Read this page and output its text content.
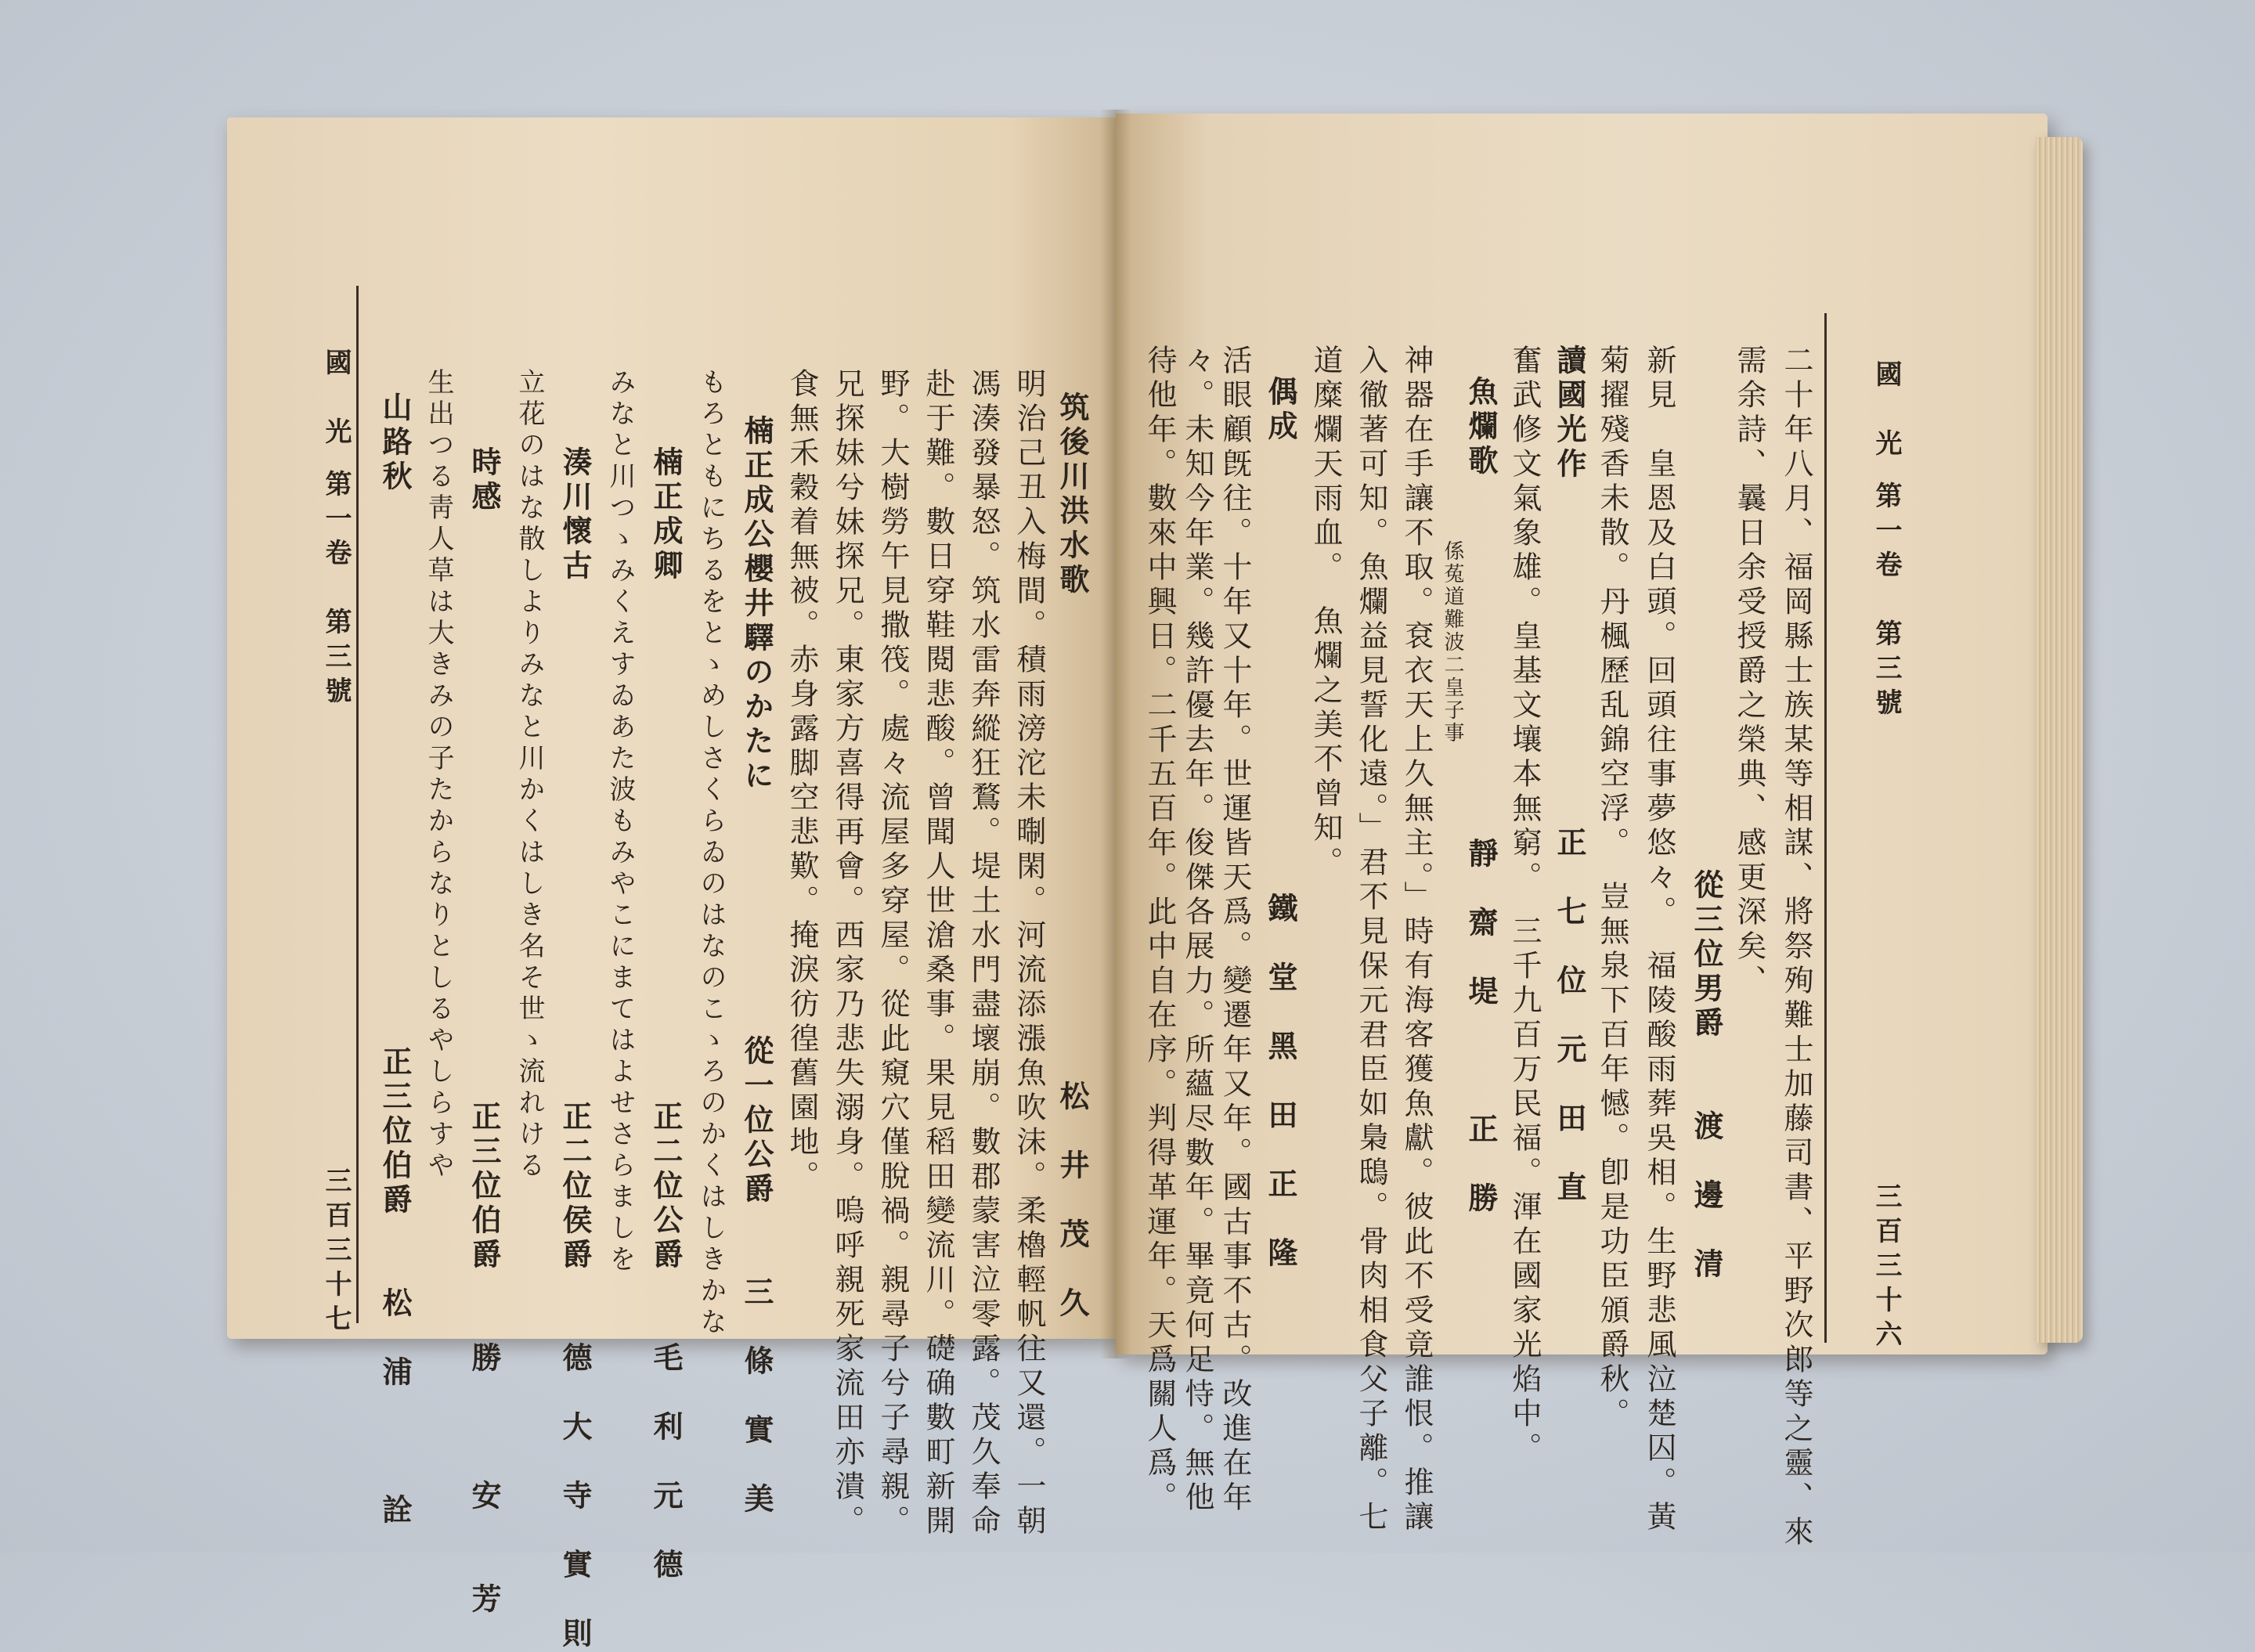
國　光
第一卷　第三號
三百三十六
二十年八月、福岡縣士族某等相謀、將祭殉難士加藤司書、平野次郎等之靈、來
需余詩、曩日余受授爵之榮典、感更深矣、
從三位男爵　　渡　邊　清
新見　皇恩及白頭。回頭往事夢悠々。　福陵酸雨葬吳相。生野悲風泣楚囚。黃
菊擢殘香未散。丹楓歷乱錦空浮。　豈無泉下百年憾。卽是功臣頒爵秋。
讀國光作　　　　　　　　　　正　七　位　元　田　直
奮武修文氣象雄。皇基文壤本無窮。　三千九百万民福。渾在國家光焰中。
魚爛歌
係菟道難波二皇子事
靜　齋　堤　　　正　勝
神器在手讓不取。袞衣天上久無主。」時有海客獲魚獻。彼此不受竟誰恨。推讓
入徹著可知。魚爛益見誓化遠。」君不見保元君臣如梟鴟。骨肉相食父子離。七
道糜爛天雨血。　魚爛之美不曾知。
偶成　　　　　　　　　　　　　鐵　堂　黑　田　正　隆
活眼顧旣往。十年又十年。世運皆天爲。變遷年又年。國古事不古。改進在年
々。未知今年業。幾許優去年。俊傑各展力。所蘊尽數年。畢竟何足恃。無他
國　光
第一卷　第三號
三百三十七	筑後川洪水歌　　　　　　　　　　　　　　松　井　茂　久
明治己丑入梅間。積雨滂沱未㫼閑。河流添漲魚吹沫。柔櫓輕帆往又還。一朝
馮湊發暴怒。筑水雷奔縱狂鶩。堤土水門盡壞崩。數郡蒙害泣零露。茂久奉命
赴于難。數日穿鞋閱悲酸。曾聞人世滄桑事。果見稻田變流川。礎确數町新開
野。大樹勞午見撒筏。處々流屋多穿屋。從此窺穴僅脫禍。親尋子兮子尋親。
兄探妹兮妹探兄。東家方喜得再會。西家乃悲失溺身。嗚呼親死家流田亦潰。
食無禾穀着無被。赤身露脚空悲歎。掩淚彷徨舊園地。
楠正成公櫻井驛のかたに　　　　　　　從一位公爵　　三　條　實　美
もろともにちるをとゝめしさくらゐのはなのこゝろのかくはしきかな
楠正成卿　　　　　　　　　　　　　　　正二位公爵　　毛　利　元　德
みなと川つゝみくえすゐあた波もみやこにまてはよせさらましを
湊川懷古　　　　　　　　　　　　　　　正二位侯爵　　德　大　寺　實　則
立花のはな散しよりみなと川かくはしき名そ世ゝ流れける
時感　　　　　　　　　　　　　　　　　正三位伯爵　　勝　　　安　　芳
生出つる靑人草は大きみの子たからなりとしるやしらすや
山路秋　　　　　　　　　　　　　　　　正三位伯爵　　松　浦　　　詮	待他年。數來中興日。二千五百年。此中自在序。判得革運年。天爲關人爲。
